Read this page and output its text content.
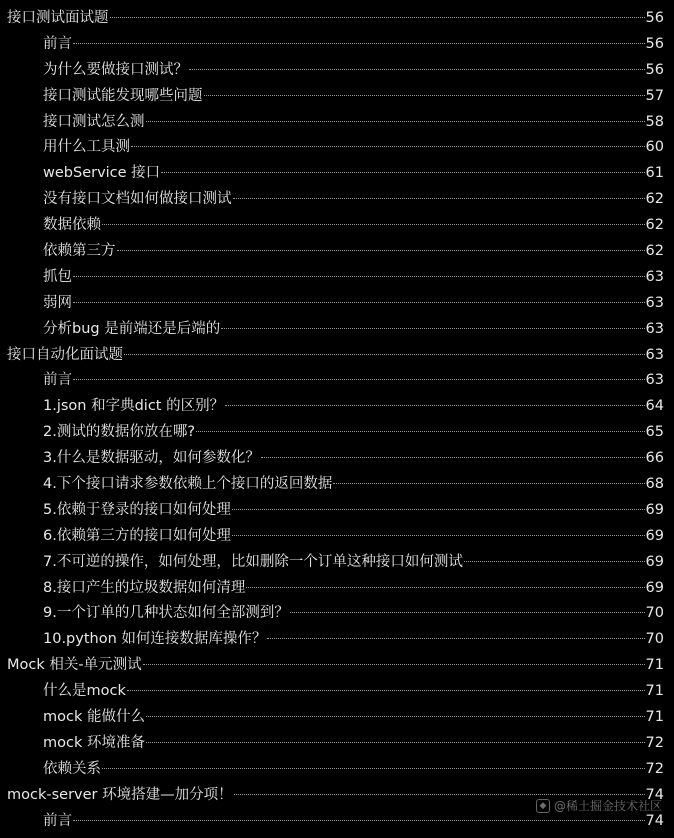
接口测试面试题	56
前言	56
为什么要做接口测试？	56
接口测试能发现哪些问题	57
接口测试怎么测	58
用什么工具测	60
webService 接口	61
没有接口文档如何做接口测试	62
数据依赖	62
依赖第三方	62
抓包	63
弱网	63
分析bug 是前端还是后端的	63
接口自动化面试题	63
前言	63
1.json 和字典dict 的区别？	64
2.测试的数据你放在哪?	65
3.什么是数据驱动，如何参数化？	66
4.下个接口请求参数依赖上个接口的返回数据	68
5.依赖于登录的接口如何处理	69
6.依赖第三方的接口如何处理	69
7.不可逆的操作，如何处理，比如删除一个订单这种接口如何测试	69
8.接口产生的垃圾数据如何清理	69
9.一个订单的几种状态如何全部测到？	70
10.python 如何连接数据库操作？	70
Mock 相关-单元测试	71
什么是mock	71
mock 能做什么	71
mock 环境准备	72
依赖关系	72
mock-server 环境搭建—加分项！	74
前言	74
◆ @稀土掘金技术社区
